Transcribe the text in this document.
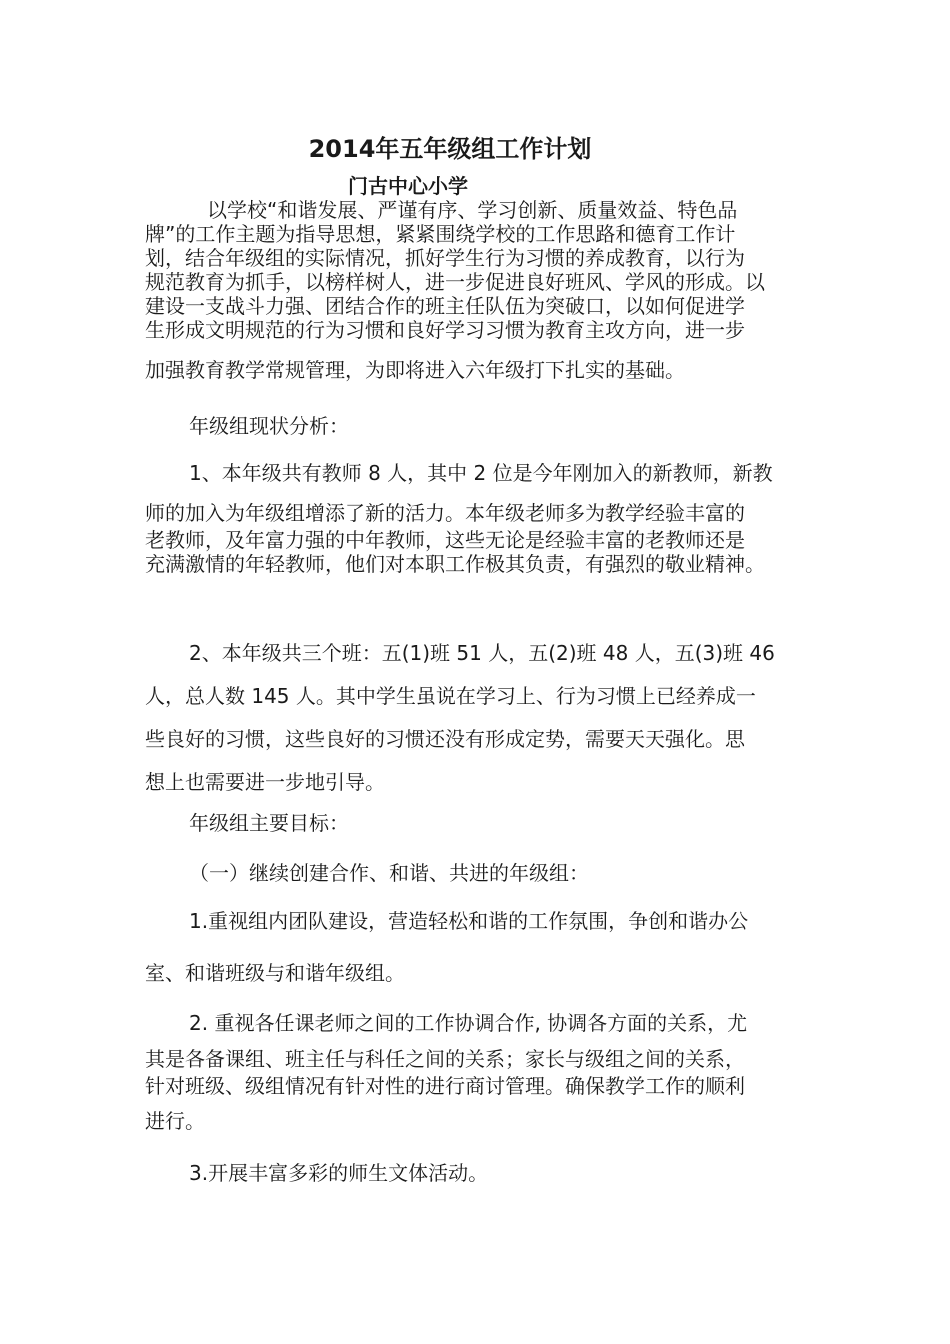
2014年五年级组工作计划
门古中心小学
以学校“和谐发展、严谨有序、学习创新、质量效益、特色品
牌”的工作主题为指导思想，紧紧围绕学校的工作思路和德育工作计
划，结合年级组的实际情况，抓好学生行为习惯的养成教育，以行为
规范教育为抓手，以榜样树人，进一步促进良好班风、学风的形成。以
建设一支战斗力强、团结合作的班主任队伍为突破口，以如何促进学
生形成文明规范的行为习惯和良好学习习惯为教育主攻方向，进一步
加强教育教学常规管理，为即将进入六年级打下扎实的基础。
年级组现状分析：
1、本年级共有教师 8 人，其中 2 位是今年刚加入的新教师，新教
师的加入为年级组增添了新的活力。本年级老师多为教学经验丰富的
老教师，及年富力强的中年教师，这些无论是经验丰富的老教师还是
充满激情的年轻教师，他们对本职工作极其负责，有强烈的敬业精神。
2、本年级共三个班：五(1)班 51 人，五(2)班 48 人，五(3)班 46
人，总人数 145 人。其中学生虽说在学习上、行为习惯上已经养成一
些良好的习惯，这些良好的习惯还没有形成定势，需要天天强化。思
想上也需要进一步地引导。
年级组主要目标：
（一）继续创建合作、和谐、共进的年级组：
1.重视组内团队建设，营造轻松和谐的工作氛围，争创和谐办公
室、和谐班级与和谐年级组。
2. 重视各任课老师之间的工作协调合作, 协调各方面的关系，尤
其是各备课组、班主任与科任之间的关系；家长与级组之间的关系，
针对班级、级组情况有针对性的进行商讨管理。确保教学工作的顺利
进行。
3.开展丰富多彩的师生文体活动。
